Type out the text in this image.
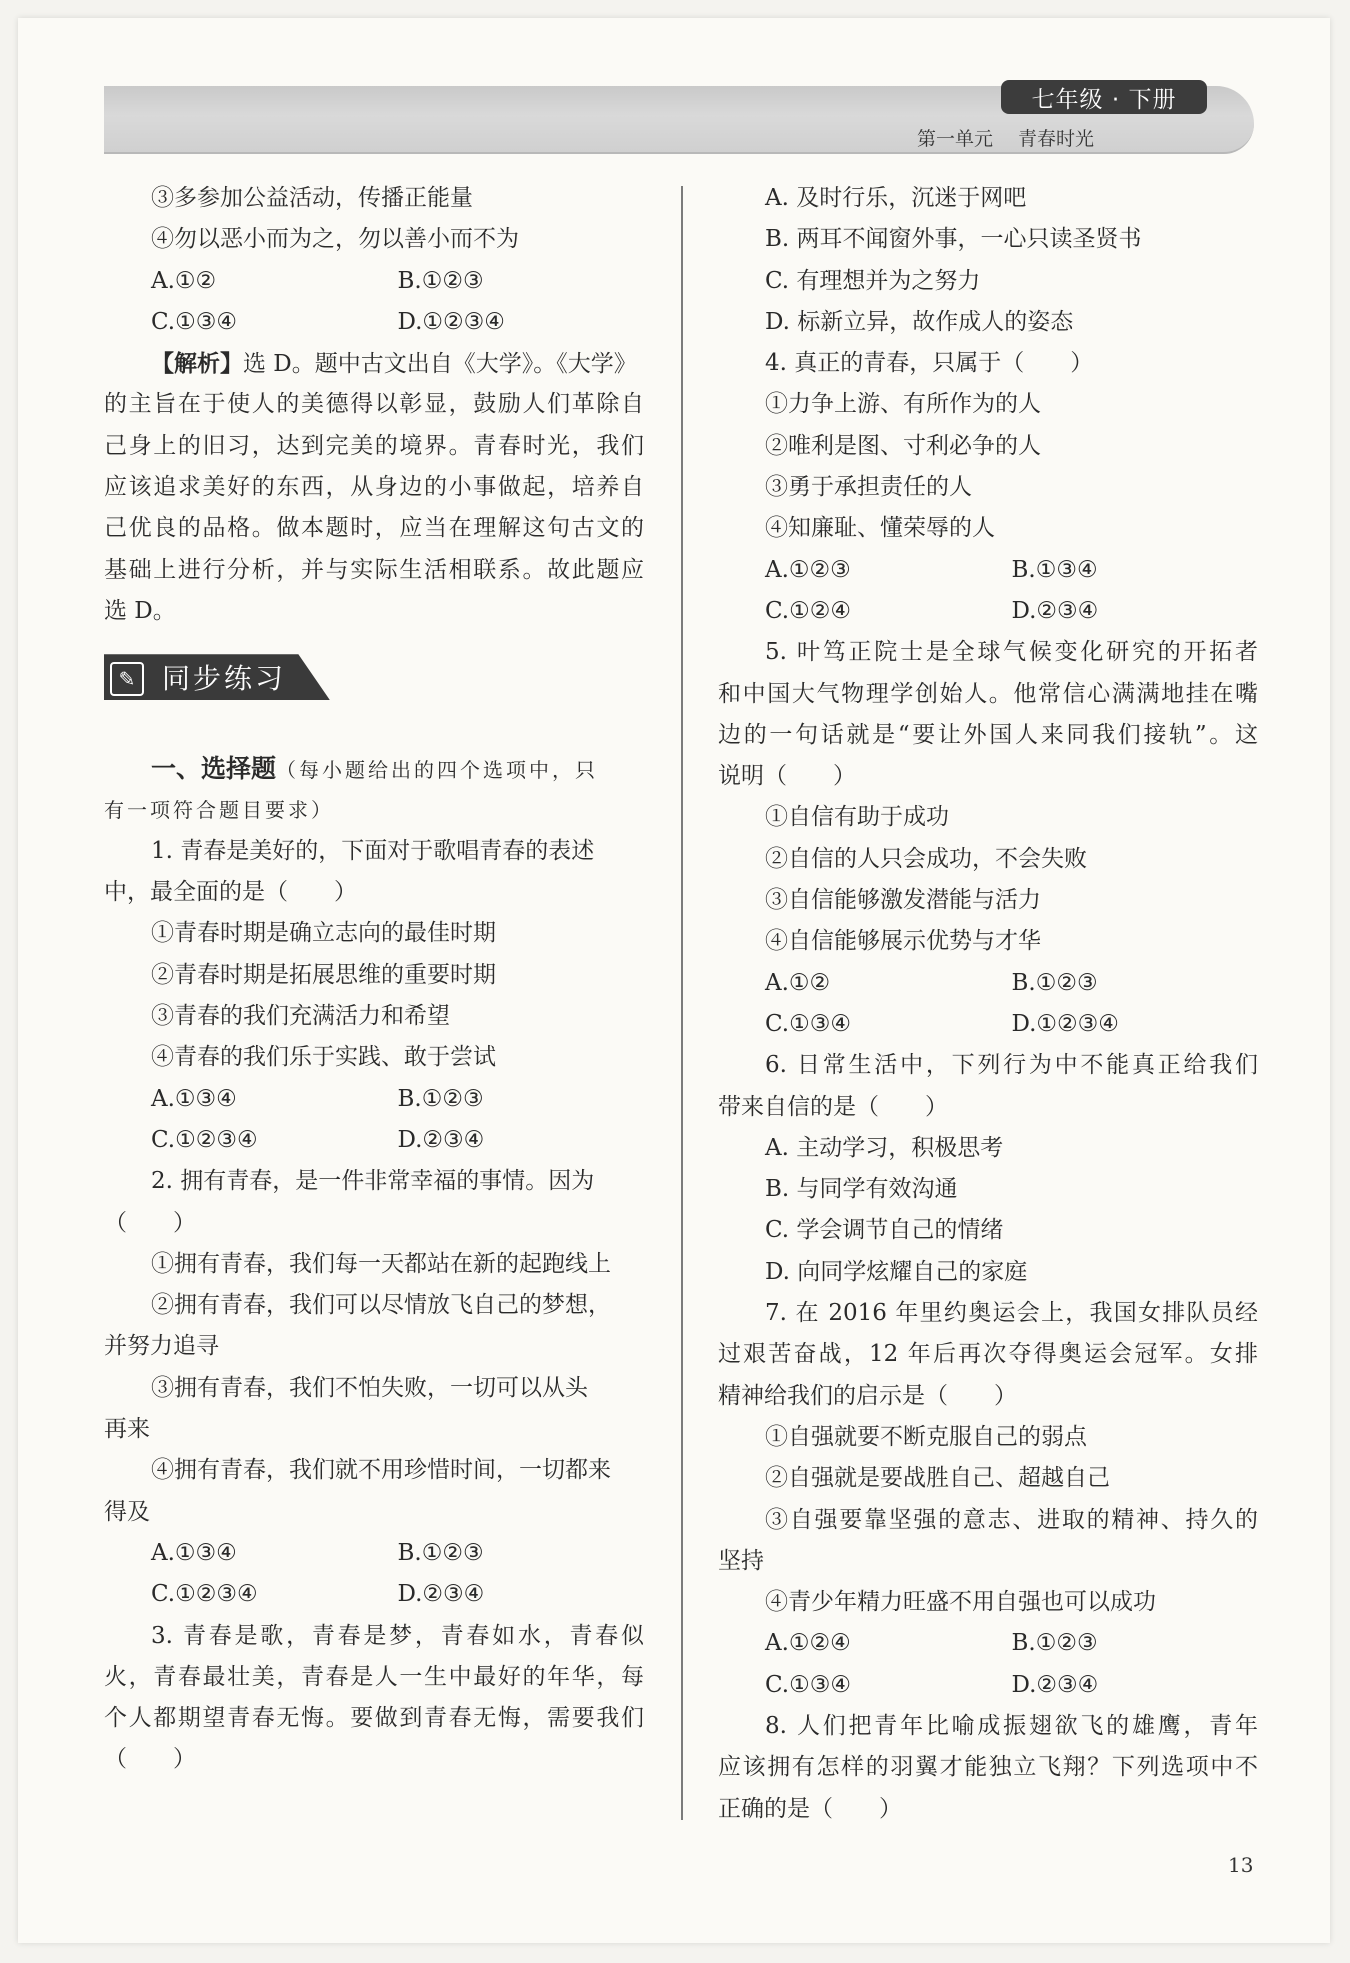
七年级 · 下册
第一单元　 青春时光
③多参加公益活动，传播正能量
④勿以恶小而为之，勿以善小而不为
A.①②	B.①②③
C.①③④	D.①②③④
【解析】选 D。题中古文出自《大学》。《大学》
的主旨在于使人的美德得以彰显，鼓励人们革除自
己身上的旧习，达到完美的境界。青春时光，我们
应该追求美好的东西，从身边的小事做起，培养自
己优良的品格。做本题时，应当在理解这句古文的
基础上进行分析，并与实际生活相联系。故此题应
选 D。
✎ 同步练习
一、选择题（每小题给出的四个选项中，只
有一项符合题目要求）
1. 青春是美好的，下面对于歌唱青春的表述
中，最全面的是（　　）
①青春时期是确立志向的最佳时期
②青春时期是拓展思维的重要时期
③青春的我们充满活力和希望
④青春的我们乐于实践、敢于尝试
A.①③④	B.①②③
C.①②③④	D.②③④
2. 拥有青春，是一件非常幸福的事情。因为
（　　）
①拥有青春，我们每一天都站在新的起跑线上
②拥有青春，我们可以尽情放飞自己的梦想，
并努力追寻
③拥有青春，我们不怕失败，一切可以从头
再来
④拥有青春，我们就不用珍惜时间，一切都来
得及
A.①③④	B.①②③
C.①②③④	D.②③④
3. 青春是歌，青春是梦，青春如水，青春似
火，青春最壮美，青春是人一生中最好的年华，每
个人都期望青春无悔。要做到青春无悔，需要我们
（　　）
A. 及时行乐，沉迷于网吧
B. 两耳不闻窗外事，一心只读圣贤书
C. 有理想并为之努力
D. 标新立异，故作成人的姿态
4. 真正的青春，只属于（　　）
①力争上游、有所作为的人
②唯利是图、寸利必争的人
③勇于承担责任的人
④知廉耻、懂荣辱的人
A.①②③	B.①③④
C.①②④	D.②③④
5. 叶笃正院士是全球气候变化研究的开拓者
和中国大气物理学创始人。他常信心满满地挂在嘴
边的一句话就是“要让外国人来同我们接轨”。这
说明（　　）
①自信有助于成功
②自信的人只会成功，不会失败
③自信能够激发潜能与活力
④自信能够展示优势与才华
A.①②	B.①②③
C.①③④	D.①②③④
6. 日常生活中，下列行为中不能真正给我们
带来自信的是（　　）
A. 主动学习，积极思考
B. 与同学有效沟通
C. 学会调节自己的情绪
D. 向同学炫耀自己的家庭
7. 在 2016 年里约奥运会上，我国女排队员经
过艰苦奋战，12 年后再次夺得奥运会冠军。女排
精神给我们的启示是（　　）
①自强就要不断克服自己的弱点
②自强就是要战胜自己、超越自己
③自强要靠坚强的意志、进取的精神、持久的
坚持
④青少年精力旺盛不用自强也可以成功
A.①②④	B.①②③
C.①③④	D.②③④
8. 人们把青年比喻成振翅欲飞的雄鹰，青年
应该拥有怎样的羽翼才能独立飞翔？下列选项中不
正确的是（　　）
13
